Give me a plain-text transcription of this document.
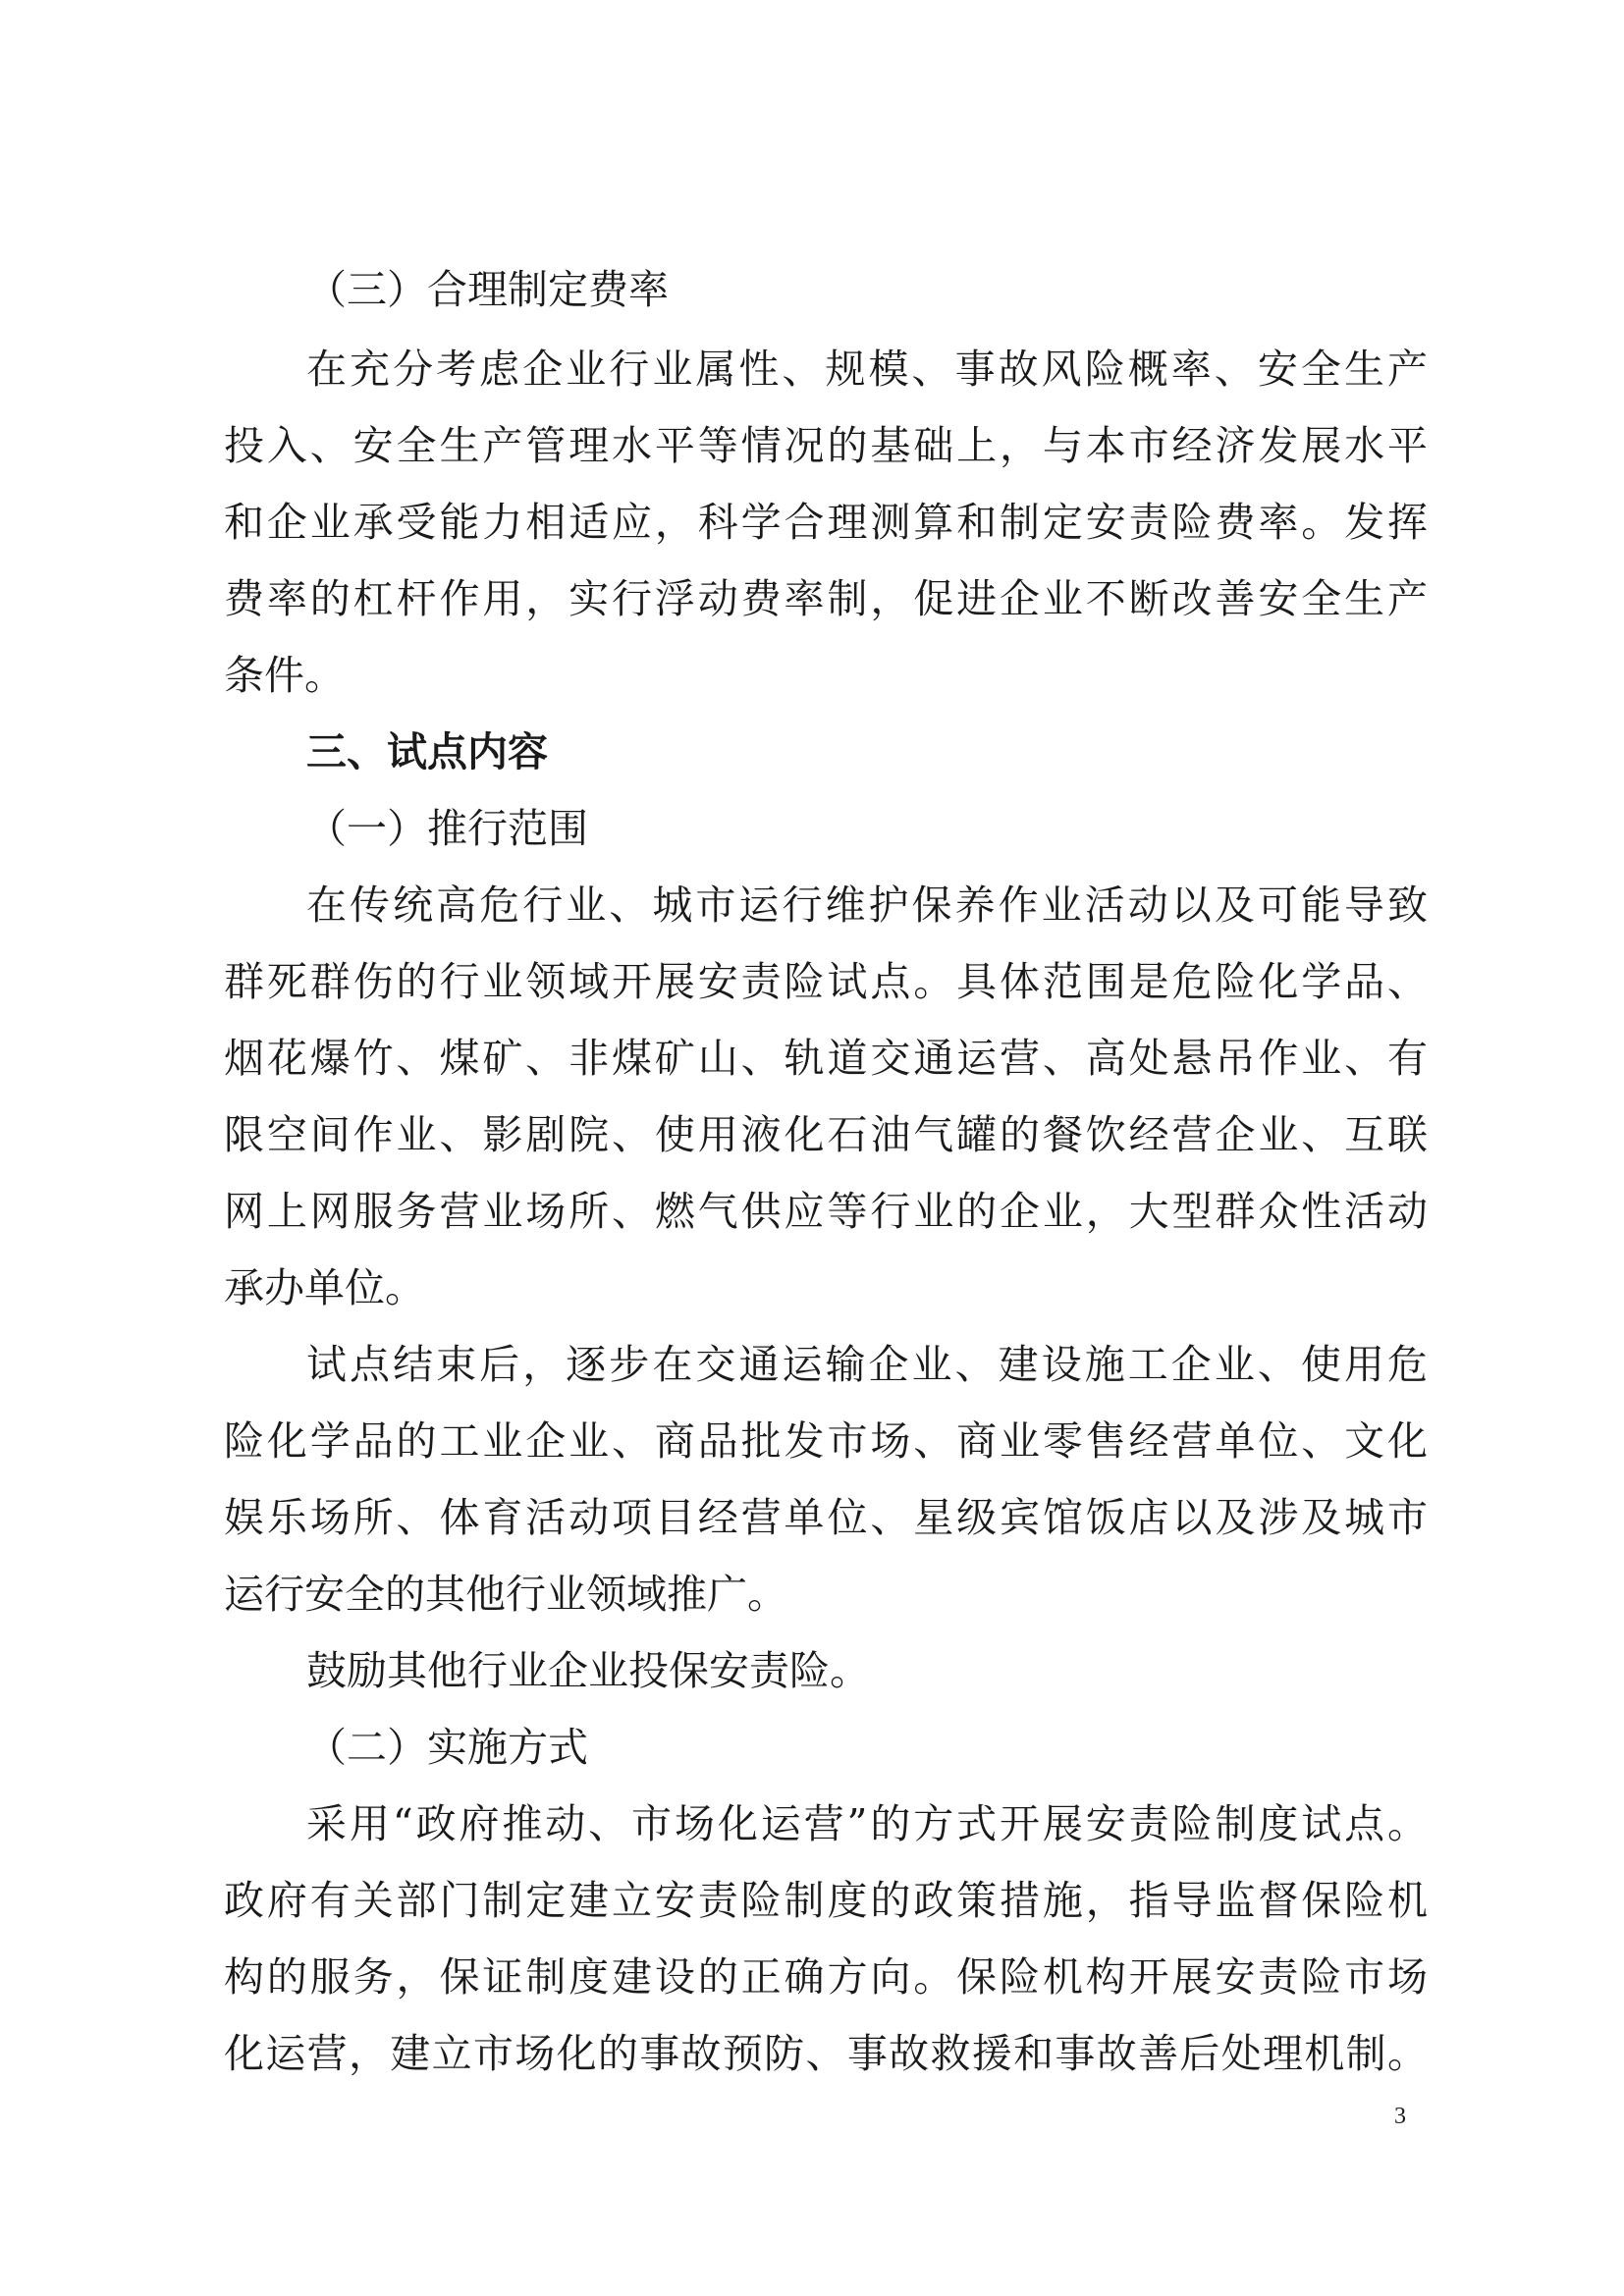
（三）合理制定费率
在充分考虑企业行业属性、规模、事故风险概率、安全生产
投入、安全生产管理水平等情况的基础上，与本市经济发展水平
和企业承受能力相适应，科学合理测算和制定安责险费率。发挥
费率的杠杆作用，实行浮动费率制，促进企业不断改善安全生产
条件。
三、试点内容
（一）推行范围
在传统高危行业、城市运行维护保养作业活动以及可能导致
群死群伤的行业领域开展安责险试点。具体范围是危险化学品、
烟花爆竹、煤矿、非煤矿山、轨道交通运营、高处悬吊作业、有
限空间作业、影剧院、使用液化石油气罐的餐饮经营企业、互联
网上网服务营业场所、燃气供应等行业的企业，大型群众性活动
承办单位。
试点结束后，逐步在交通运输企业、建设施工企业、使用危
险化学品的工业企业、商品批发市场、商业零售经营单位、文化
娱乐场所、体育活动项目经营单位、星级宾馆饭店以及涉及城市
运行安全的其他行业领域推广。
鼓励其他行业企业投保安责险。
（二）实施方式
采用“政府推动、市场化运营”的方式开展安责险制度试点。
政府有关部门制定建立安责险制度的政策措施，指导监督保险机
构的服务，保证制度建设的正确方向。保险机构开展安责险市场
化运营，建立市场化的事故预防、事故救援和事故善后处理机制。
3
